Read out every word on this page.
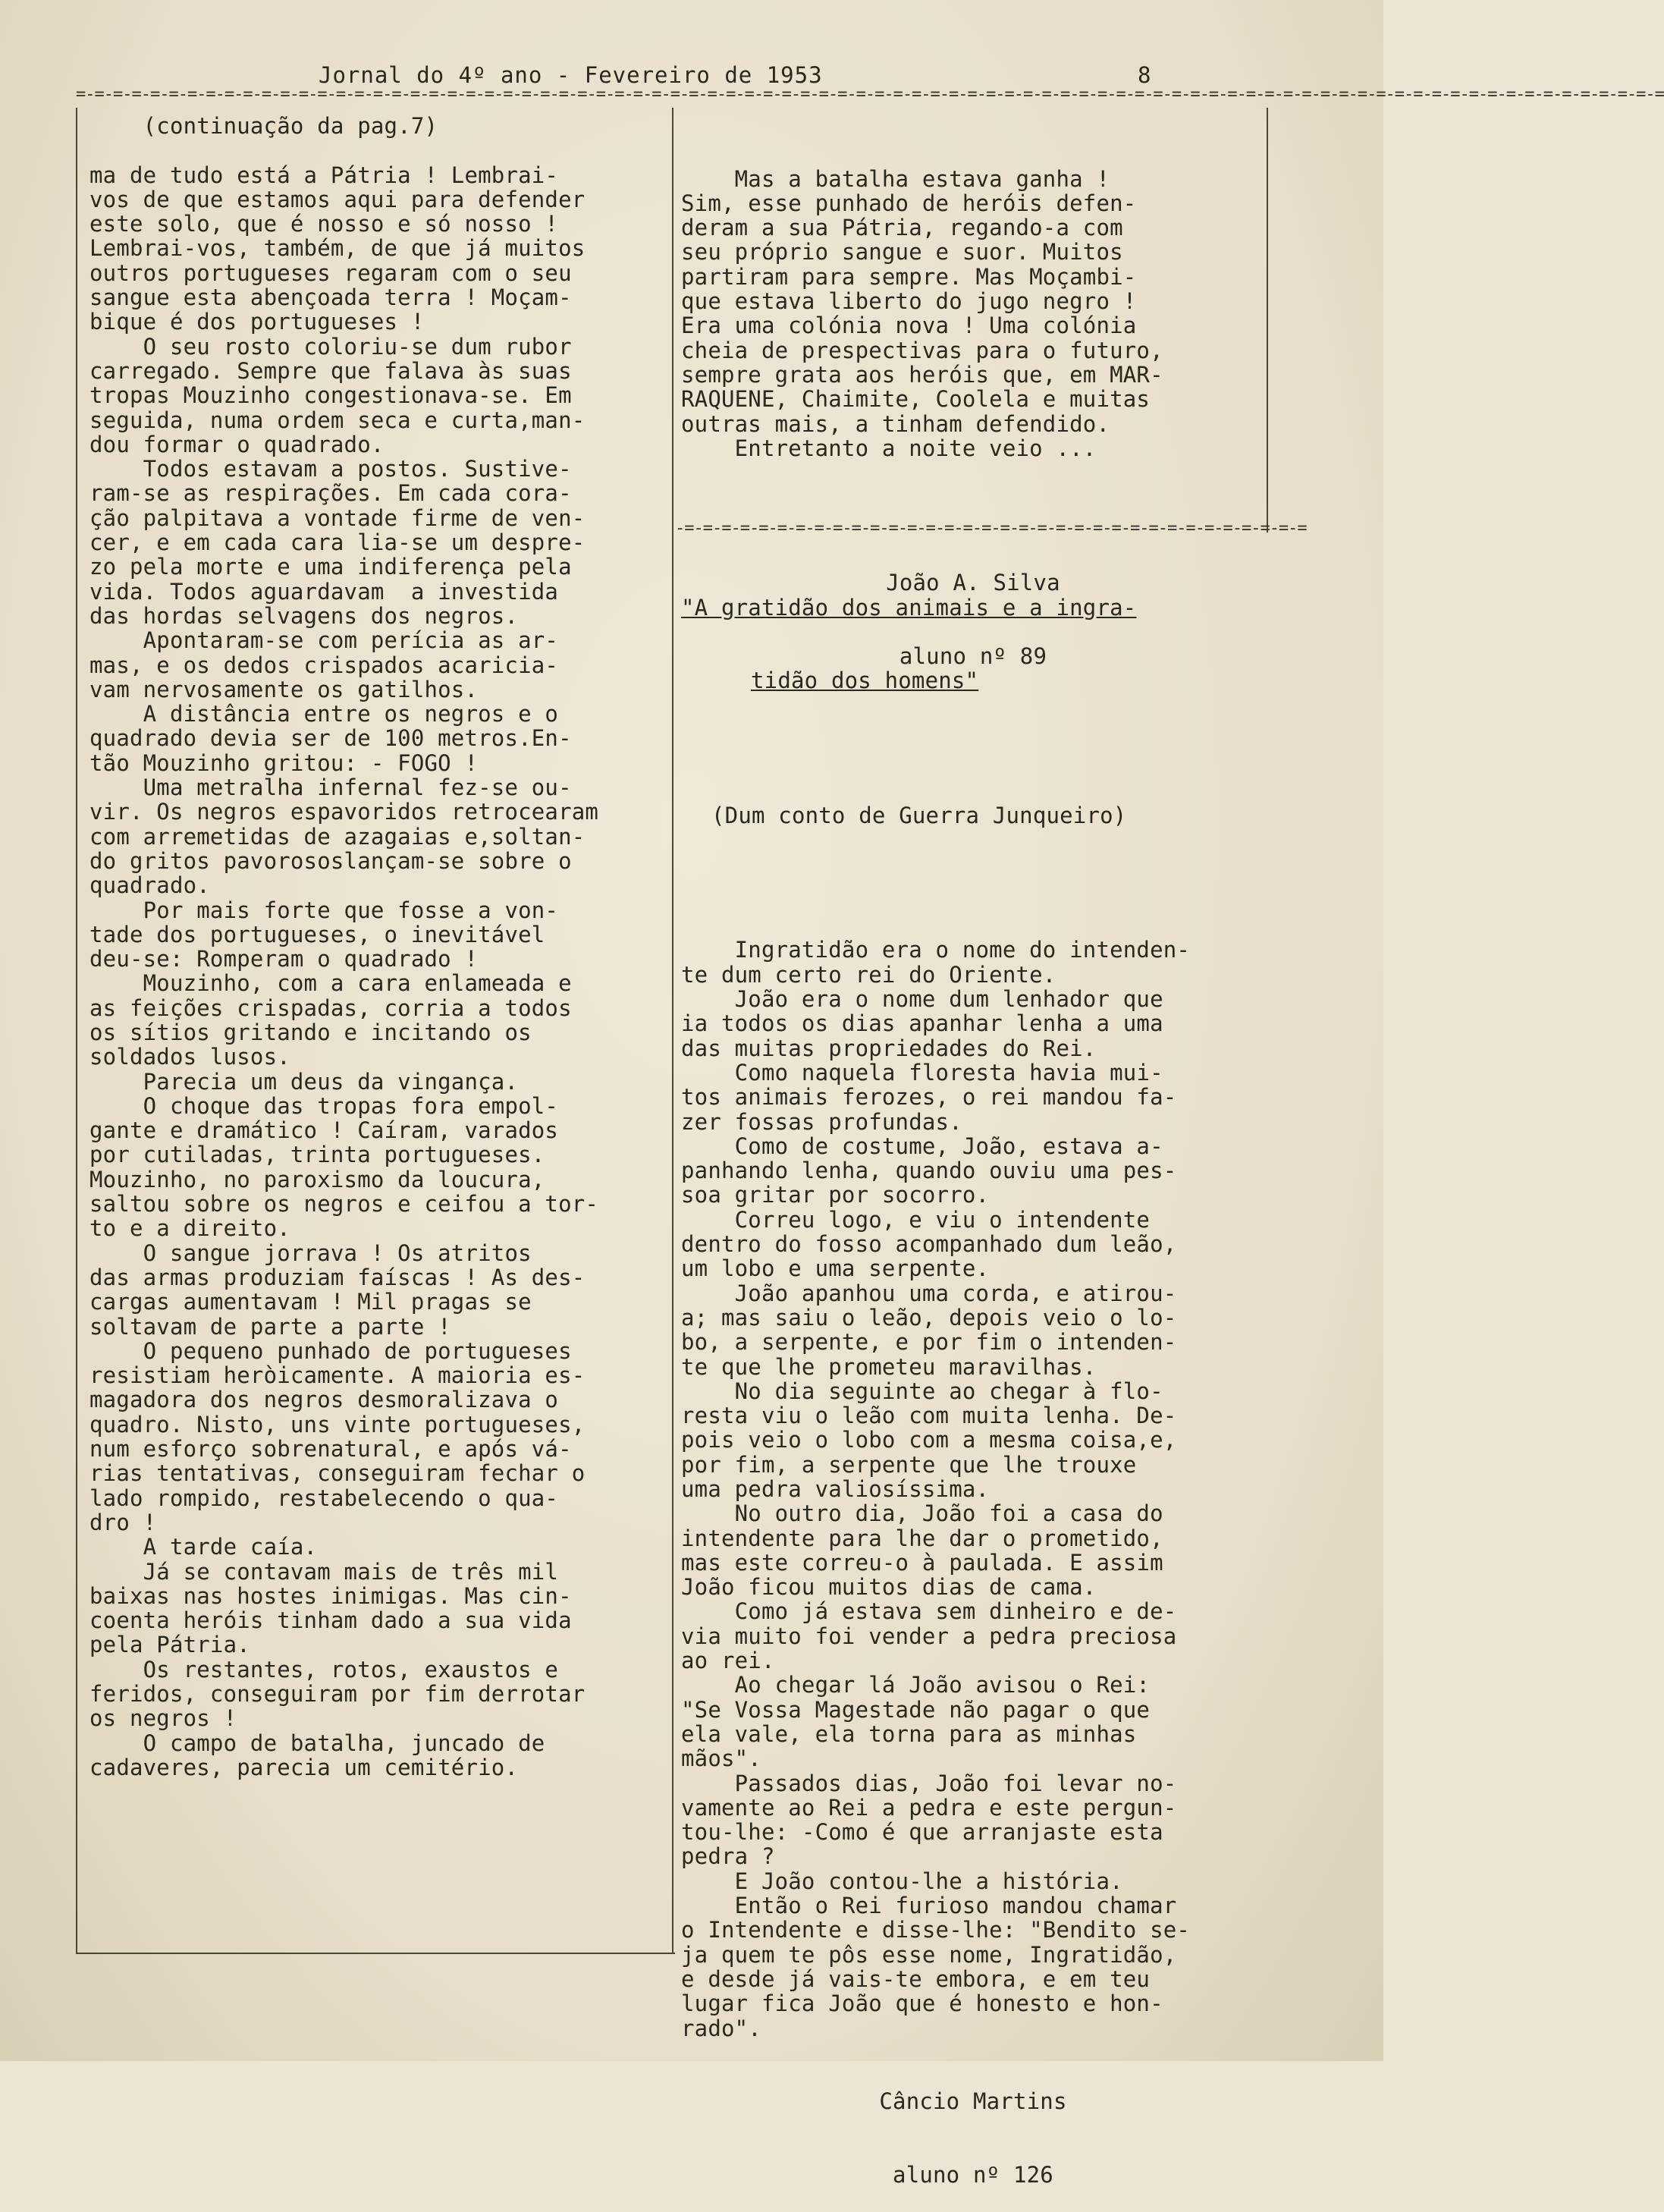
Jornal do 4º ano - Fevereiro de 1953	8
=-=-=-=-=-=-=-=-=-=-=-=-=-=-=-=-=-=-=-=-=-=-=-=-=-=-=-=-=-=-=-=-=-=-=-=-=-=-=-=-=-=-=-=-=-=-=-=-=-=-=-=-=-=-=-=-=-=-=-=-=-=-=-=-=-=-=-=-=-=-=-=-=-=-=-=-=-=-=-=-=-=-=-=-=-=
-=-=-=-=-=-=-=-=-=-=-=-=-=-=-=-=-=-=-=-=-=-=-=-=-=-=-=-=-=-=-=-=-=-=
(continuação da pag.7)
ma de tudo está a Pátria ! Lembrai-
vos de que estamos aqui para defender
este solo, que é nosso e só nosso !
Lembrai-vos, também, de que já muitos
outros portugueses regaram com o seu
sangue esta abençoada terra ! Moçam-
bique é dos portugueses !
O seu rosto coloriu-se dum rubor
carregado. Sempre que falava às suas
tropas Mouzinho congestionava-se. Em
seguida, numa ordem seca e curta,man-
dou formar o quadrado.
Todos estavam a postos. Sustive-
ram-se as respirações. Em cada cora-
ção palpitava a vontade firme de ven-
cer, e em cada cara lia-se um despre-
zo pela morte e uma indiferença pela
vida. Todos aguardavam  a investida
das hordas selvagens dos negros.
Apontaram-se com perícia as ar-
mas, e os dedos crispados acaricia-
vam nervosamente os gatilhos.
A distância entre os negros e o
quadrado devia ser de 100 metros.En-
tão Mouzinho gritou: - FOGO !
Uma metralha infernal fez-se ou-
vir. Os negros espavoridos retrocearam
com arremetidas de azagaias e,soltan-
do gritos pavorososlançam-se sobre o
quadrado.
Por mais forte que fosse a von-
tade dos portugueses, o inevitável
deu-se: Romperam o quadrado !
Mouzinho, com a cara enlameada e
as feições crispadas, corria a todos
os sítios gritando e incitando os
soldados lusos.
Parecia um deus da vingança.
O choque das tropas fora empol-
gante e dramático ! Caíram, varados
por cutiladas, trinta portugueses.
Mouzinho, no paroxismo da loucura,
saltou sobre os negros e ceifou a tor-
to e a direito.
O sangue jorrava ! Os atritos
das armas produziam faíscas ! As des-
cargas aumentavam ! Mil pragas se
soltavam de parte a parte !
O pequeno punhado de portugueses
resistiam heròicamente. A maioria es-
magadora dos negros desmoralizava o
quadro. Nisto, uns vinte portugueses,
num esforço sobrenatural, e após vá-
rias tentativas, conseguiram fechar o
lado rompido, restabelecendo o qua-
dro !
A tarde caía.
Já se contavam mais de três mil
baixas nas hostes inimigas. Mas cin-
coenta heróis tinham dado a sua vida
pela Pátria.
Os restantes, rotos, exaustos e
feridos, conseguiram por fim derrotar
os negros !
O campo de batalha, juncado de
cadaveres, parecia um cemitério.

Mas a batalha estava ganha !
Sim, esse punhado de heróis defen-
deram a sua Pátria, regando-a com
seu próprio sangue e suor. Muitos
partiram para sempre. Mas Moçambi-
que estava liberto do jugo negro !
Era uma colónia nova ! Uma colónia
cheia de prespectivas para o futuro,
sempre grata aos heróis que, em MAR-
RAQUENE, Chaimite, Coolela e muitas
outras mais, a tinham defendido.
Entretanto a noite veio ...

João A. Silva

aluno nº 89

"A gratidão dos animais e a ingra-

tidão dos homens"

(Dum conto de Guerra Junqueiro)

Ingratidão era o nome do intenden-
te dum certo rei do Oriente.
João era o nome dum lenhador que
ia todos os dias apanhar lenha a uma
das muitas propriedades do Rei.
Como naquela floresta havia mui-
tos animais ferozes, o rei mandou fa-
zer fossas profundas.
Como de costume, João, estava a-
panhando lenha, quando ouviu uma pes-
soa gritar por socorro.
Correu logo, e viu o intendente
dentro do fosso acompanhado dum leão,
um lobo e uma serpente.
João apanhou uma corda, e atirou-
a; mas saiu o leão, depois veio o lo-
bo, a serpente, e por fim o intenden-
te que lhe prometeu maravilhas.
No dia seguinte ao chegar à flo-
resta viu o leão com muita lenha. De-
pois veio o lobo com a mesma coisa,e,
por fim, a serpente que lhe trouxe
uma pedra valiosíssima.
No outro dia, João foi a casa do
intendente para lhe dar o prometido,
mas este correu-o à paulada. E assim
João ficou muitos dias de cama.
Como já estava sem dinheiro e de-
via muito foi vender a pedra preciosa
ao rei.
Ao chegar lá João avisou o Rei:
"Se Vossa Magestade não pagar o que
ela vale, ela torna para as minhas
mãos".
Passados dias, João foi levar no-
vamente ao Rei a pedra e este pergun-
tou-lhe: -Como é que arranjaste esta
pedra ?
E João contou-lhe a história.
Então o Rei furioso mandou chamar
o Intendente e disse-lhe: "Bendito se-
ja quem te pôs esse nome, Ingratidão,
e desde já vais-te embora, e em teu
lugar fica João que é honesto e hon-
rado".

Câncio Martins

aluno nº 126
